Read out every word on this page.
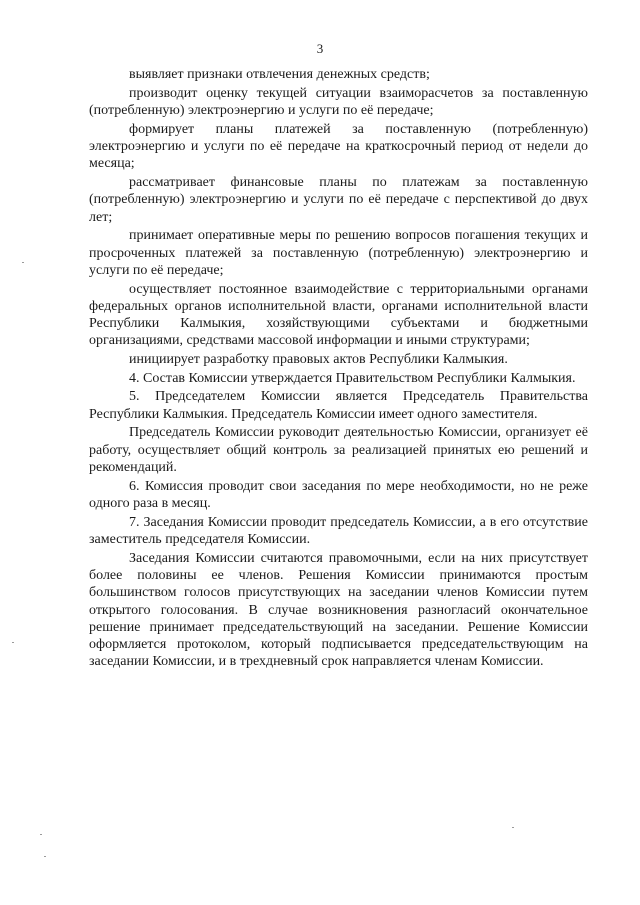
3

выявляет признаки отвлечения денежных средств;

производит оценку текущей ситуации взаиморасчетов за поставленную (потребленную) электроэнергию и услуги по её передаче;

формирует планы платежей за поставленную (потребленную) электроэнергию и услуги по её передаче на краткосрочный период от недели до месяца;

рассматривает финансовые планы по платежам за поставленную (потребленную) электроэнергию и услуги по её передаче с перспективой до двух лет;

принимает оперативные меры по решению вопросов погашения текущих и просроченных платежей за поставленную (потребленную) электроэнергию и услуги по её передаче;

осуществляет постоянное взаимодействие с территориальными органами федеральных органов исполнительной власти, органами исполнительной власти Республики Калмыкия, хозяйствующими субъектами и бюджетными организациями, средствами массовой информации и иными структурами;

инициирует разработку правовых актов Республики Калмыкия.

4. Состав Комиссии утверждается Правительством Республики Калмыкия.

5. Председателем Комиссии является Председатель Правительства Республики Калмыкия. Председатель Комиссии имеет одного заместителя.

Председатель Комиссии руководит деятельностью Комиссии, организует её работу, осуществляет общий контроль за реализацией принятых ею решений и рекомендаций.

6. Комиссия проводит свои заседания по мере необходимости, но не реже одного раза в месяц.

7. Заседания Комиссии проводит председатель Комиссии, а в его отсутствие заместитель председателя Комиссии.

Заседания Комиссии считаются правомочными, если на них присутствует более половины ее членов. Решения Комиссии принимаются простым большинством голосов присутствующих на заседании членов Комиссии путем открытого голосования. В случае возникновения разногласий окончательное решение принимает председательствующий на заседании. Решение Комиссии оформляется протоколом, который подписывается председательствующим на заседании Комиссии, и в трехдневный срок направляется членам Комиссии.
